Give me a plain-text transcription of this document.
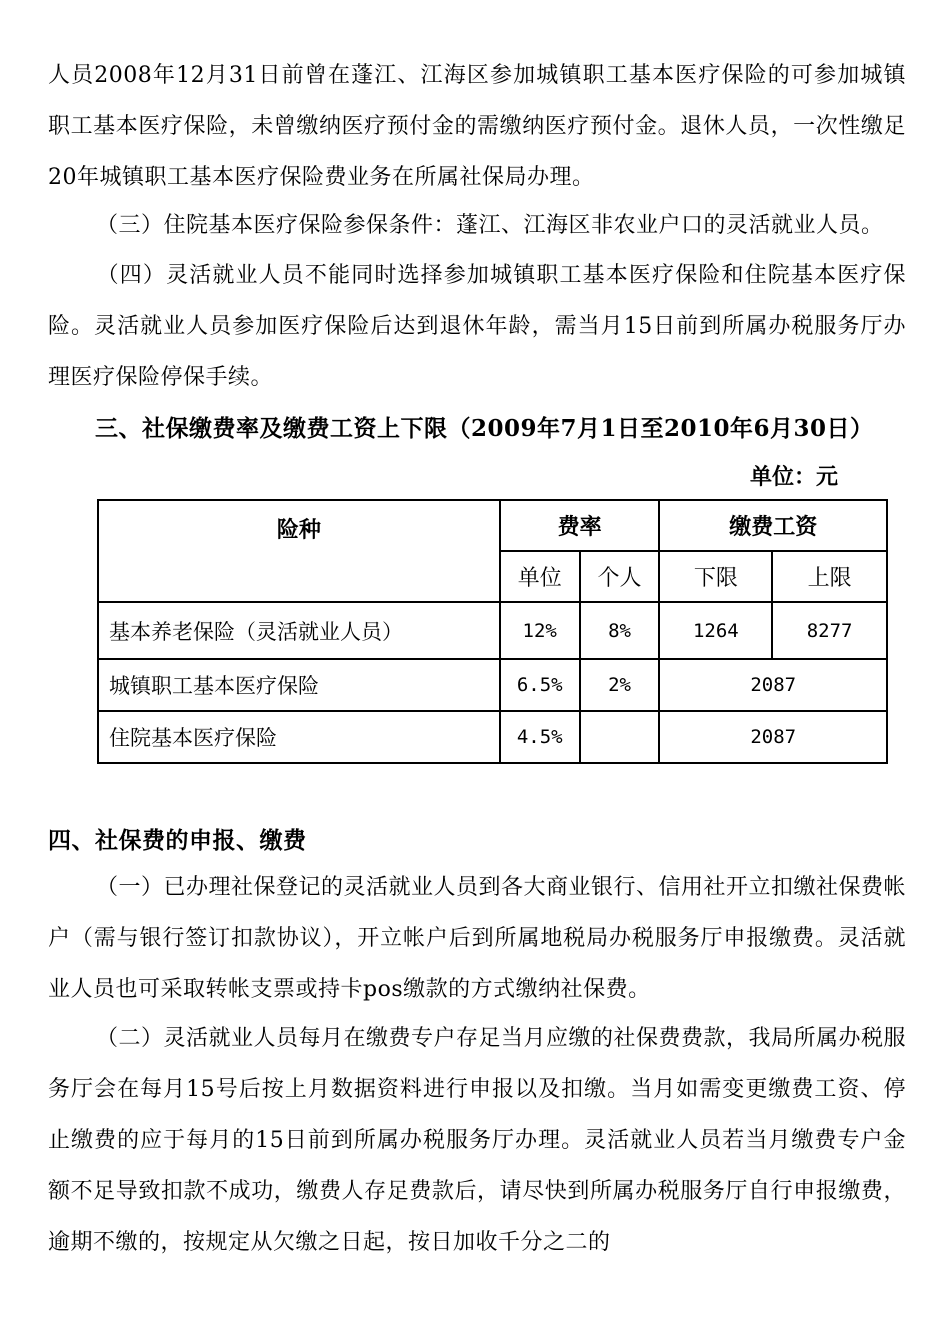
人员2008年12月31日前曾在蓬江、江海区参加城镇职工基本医疗保险的可参加城镇职工基本医疗保险，未曾缴纳医疗预付金的需缴纳医疗预付金。退休人员，一次性缴足20年城镇职工基本医疗保险费业务在所属社保局办理。

（三）住院基本医疗保险参保条件：蓬江、江海区非农业户口的灵活就业人员。

（四）灵活就业人员不能同时选择参加城镇职工基本医疗保险和住院基本医疗保险。灵活就业人员参加医疗保险后达到退休年龄，需当月15日前到所属办税服务厅办理医疗保险停保手续。

三、社保缴费率及缴费工资上下限（2009年7月1日至2010年6月30日）
单位：元
险种	费率		缴费工资	
	单位	个人	下限	上限
基本养老保险（灵活就业人员）	12%	8%	1264	8277
城镇职工基本医疗保险	6.5%	2%	2087	
住院基本医疗保险	4.5%		2087	
四、社保费的申报、缴费

（一）已办理社保登记的灵活就业人员到各大商业银行、信用社开立扣缴社保费帐户（需与银行签订扣款协议），开立帐户后到所属地税局办税服务厅申报缴费。灵活就业人员也可采取转帐支票或持卡pos缴款的方式缴纳社保费。

（二）灵活就业人员每月在缴费专户存足当月应缴的社保费费款，我局所属办税服务厅会在每月15号后按上月数据资料进行申报以及扣缴。当月如需变更缴费工资、停止缴费的应于每月的15日前到所属办税服务厅办理。灵活就业人员若当月缴费专户金额不足导致扣款不成功，缴费人存足费款后，请尽快到所属办税服务厅自行申报缴费，逾期不缴的，按规定从欠缴之日起，按日加收千分之二的
